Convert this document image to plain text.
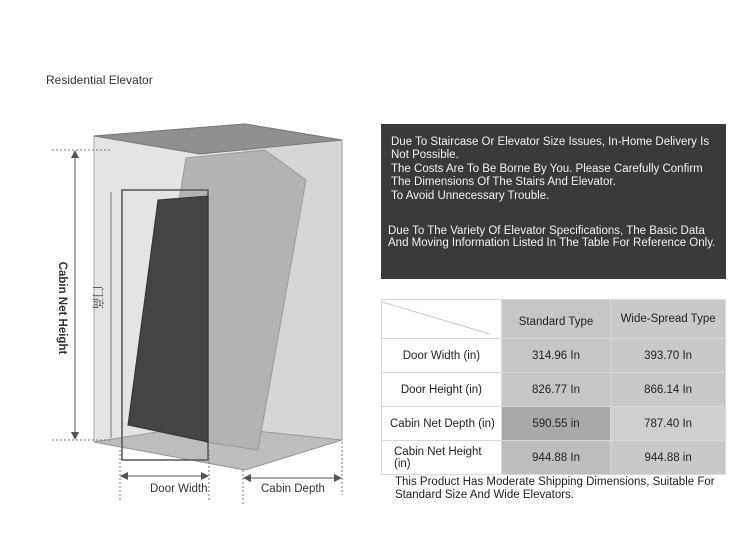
Residential Elevator
Cabin Net Height 门高
Door Width	Cabin Depth

Due To Staircase Or Elevator Size Issues, In-Home Delivery Is Not Possible.

The Costs Are To Be Borne By You. Please Carefully Confirm The Dimensions Of The Stairs And Elevator.

To Avoid Unnecessary Trouble.

Due To The Variety Of Elevator Specifications, The Basic Data And Moving Information Listed In The Table For Reference Only.

	Standard Type	Wide-Spread Type
Door Width (in)	314.96 In	393.70 In
Door Height (in)	826.77 In	866.14 In
Cabin Net Depth (in)	590.55 in	787.40 In
Cabin Net Height (in)	944.88 In	944.88 in
This Product Has Moderate Shipping Dimensions, Suitable For Standard Size And Wide Elevators.
